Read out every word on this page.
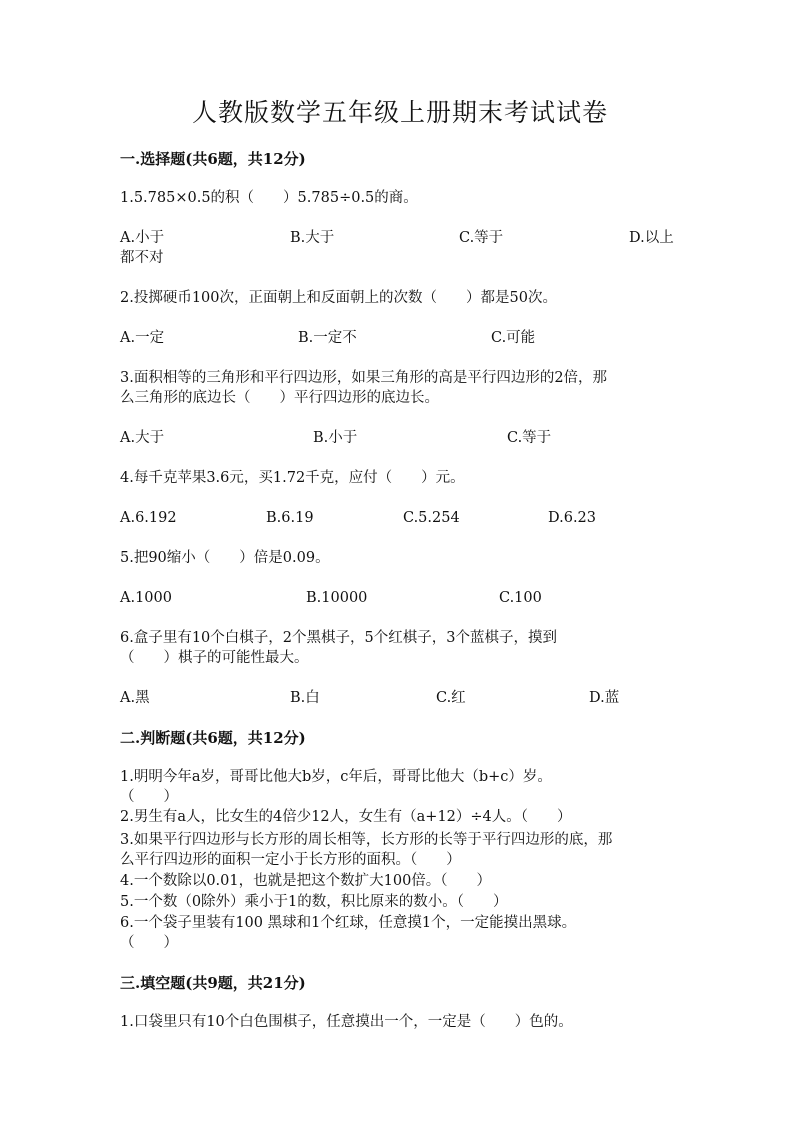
人教版数学五年级上册期末考试试卷
一.选择题(共6题，共12分)
1.5.785×0.5的积（　　）5.785÷0.5的商。
A.小于	B.大于	C.等于	D.以上
都不对
2.投掷硬币100次，正面朝上和反面朝上的次数（　　）都是50次。
A.一定	B.一定不	C.可能
3.面积相等的三角形和平行四边形，如果三角形的高是平行四边形的2倍，那
么三角形的底边长（　　）平行四边形的底边长。
A.大于	B.小于	C.等于
4.每千克苹果3.6元，买1.72千克，应付（　　）元。
A.6.192	B.6.19	C.5.254	D.6.23
5.把90缩小（　　）倍是0.09。
A.1000	B.10000	C.100
6.盒子里有10个白棋子，2个黑棋子，5个红棋子，3个蓝棋子，摸到
（　　）棋子的可能性最大。
A.黑	B.白	C.红	D.蓝
二.判断题(共6题，共12分)
1.明明今年a岁，哥哥比他大b岁，c年后，哥哥比他大（b+c）岁。
（　　）
2.男生有a人，比女生的4倍少12人，女生有（a+12）÷4人。（　　）
3.如果平行四边形与长方形的周长相等，长方形的长等于平行四边形的底，那
么平行四边形的面积一定小于长方形的面积。（　　）
4.一个数除以0.01，也就是把这个数扩大100倍。（　　）
5.一个数（0除外）乘小于1的数，积比原来的数小。（　　）
6.一个袋子里装有100 黑球和1个红球，任意摸1个，一定能摸出黑球。
（　　）
三.填空题(共9题，共21分)
1.口袋里只有10个白色围棋子，任意摸出一个，一定是（　　）色的。
